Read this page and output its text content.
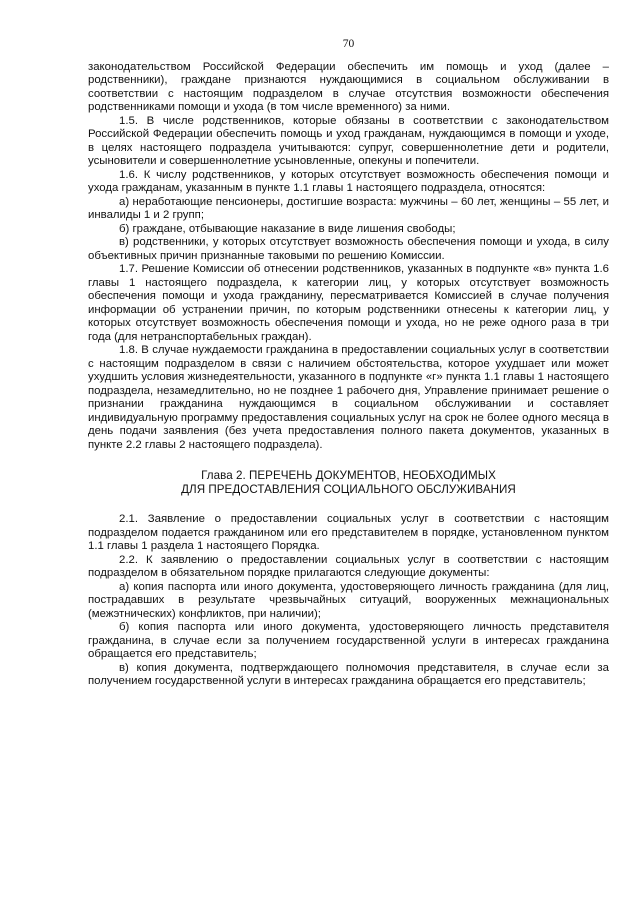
70

законодательством Российской Федерации обеспечить им помощь и уход (далее – родственники), граждане признаются нуждающимися в социальном обслуживании в соответствии с настоящим подразделом в случае отсутствия возможности обеспечения родственниками помощи и ухода (в том числе временного) за ними.

1.5. В числе родственников, которые обязаны в соответствии с законодательством Российской Федерации обеспечить помощь и уход гражданам, нуждающимся в помощи и уходе, в целях настоящего подраздела учитываются: супруг, совершеннолетние дети и родители, усыновители и совершеннолетние усыновленные, опекуны и попечители.

1.6. К числу родственников, у которых отсутствует возможность обеспечения помощи и ухода гражданам, указанным в пункте 1.1 главы 1 настоящего подраздела, относятся:

а) неработающие пенсионеры, достигшие возраста: мужчины – 60 лет, женщины – 55 лет, и инвалиды 1 и 2 групп;

б) граждане, отбывающие наказание в виде лишения свободы;

в) родственники, у которых отсутствует возможность обеспечения помощи и ухода, в силу объективных причин признанные таковыми по решению Комиссии.

1.7. Решение Комиссии об отнесении родственников, указанных в подпункте «в» пункта 1.6 главы 1 настоящего подраздела, к категории лиц, у которых отсутствует возможность обеспечения помощи и ухода гражданину, пересматривается Комиссией в случае получения информации об устранении причин, по которым родственники отнесены к категории лиц, у которых отсутствует возможность обеспечения помощи и ухода, но не реже одного раза в три года (для нетранспортабельных граждан).

1.8. В случае нуждаемости гражданина в предоставлении социальных услуг в соответствии с настоящим подразделом в связи с наличием обстоятельства, которое ухудшает или может ухудшить условия жизнедеятельности, указанного в подпункте «г» пункта 1.1 главы 1 настоящего подраздела, незамедлительно, но не позднее 1 рабочего дня, Управление принимает решение о признании гражданина нуждающимся в социальном обслуживании и составляет индивидуальную программу предоставления социальных услуг на срок не более одного месяца в день подачи заявления (без учета предоставления полного пакета документов, указанных в пункте 2.2 главы 2 настоящего подраздела).

Глава 2. ПЕРЕЧЕНЬ ДОКУМЕНТОВ, НЕОБХОДИМЫХ
ДЛЯ ПРЕДОСТАВЛЕНИЯ СОЦИАЛЬНОГО ОБСЛУЖИВАНИЯ

2.1. Заявление о предоставлении социальных услуг в соответствии с настоящим подразделом подается гражданином или его представителем в порядке, установленном пунктом 1.1 главы 1 раздела 1 настоящего Порядка.

2.2. К заявлению о предоставлении социальных услуг в соответствии с настоящим подразделом в обязательном порядке прилагаются следующие документы:

а) копия паспорта или иного документа, удостоверяющего личность гражданина (для лиц, пострадавших в результате чрезвычайных ситуаций, вооруженных межнациональных (межэтнических) конфликтов, при наличии);

б) копия паспорта или иного документа, удостоверяющего личность представителя гражданина, в случае если за получением государственной услуги в интересах гражданина обращается его представитель;

в) копия документа, подтверждающего полномочия представителя, в случае если за получением государственной услуги в интересах гражданина обращается его представитель;
